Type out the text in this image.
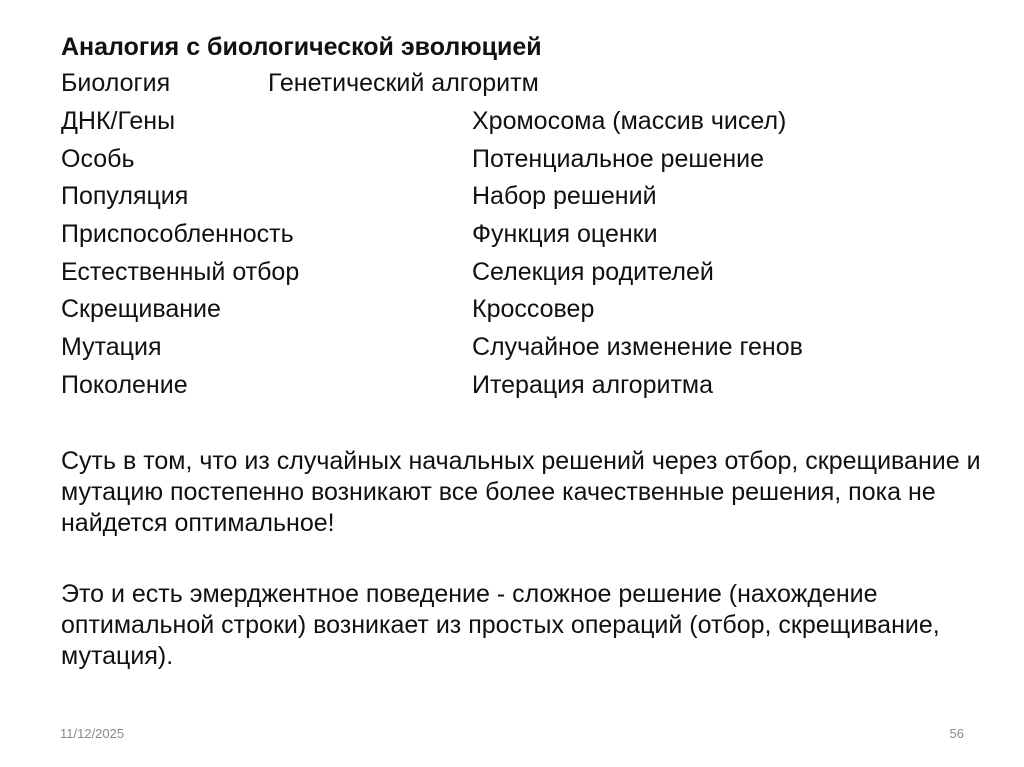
Аналогия с биологической эволюцией
Биология	Генетический алгоритм
ДНК/Гены	Хромосома (массив чисел)
Особь	Потенциальное решение
Популяция	Набор решений
Приспособленность	Функция оценки
Естественный отбор	Селекция родителей
Скрещивание	Кроссовер
Мутация	Случайное изменение генов
Поколение	Итерация алгоритма
Суть в том, что из случайных начальных решений через отбор, скрещивание и мутацию постепенно возникают все более качественные решения, пока не найдется оптимальное!
Это и есть эмерджентное поведение - сложное решение (нахождение оптимальной строки) возникает из простых операций (отбор, скрещивание, мутация).
11/12/2025	56
